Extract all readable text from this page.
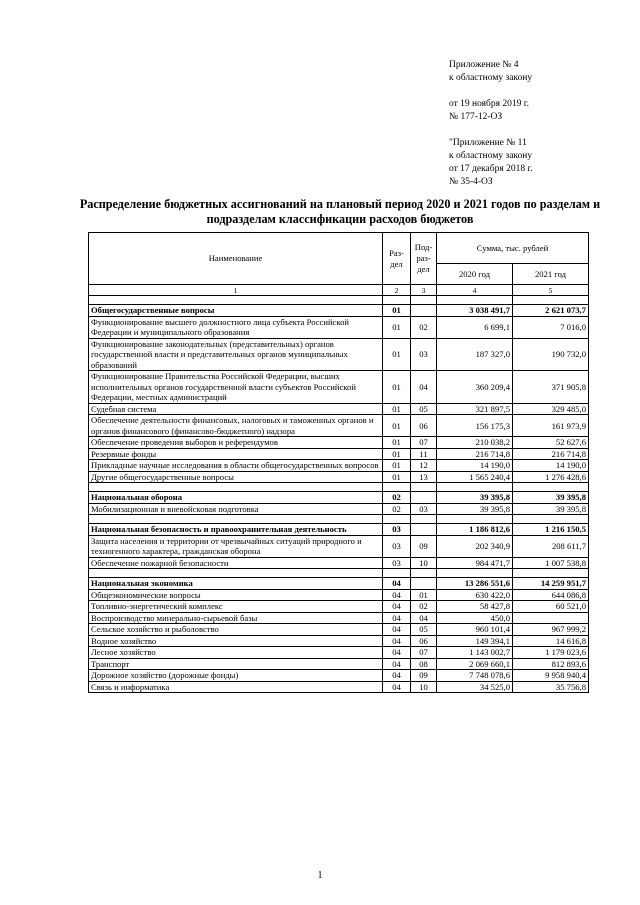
Приложение № 4
к областному закону
от 19 ноября 2019 г.
№ 177-12-ОЗ
"Приложение № 11
к областному закону
от 17 декабря 2018 г.
№ 35-4-ОЗ
Распределение бюджетных ассигнований на плановый период 2020 и 2021 годов по разделам и подразделам классификации расходов бюджетов
Наименование	Раз-дел	Под-раз-дел	Сумма, тыс. рублей	
			2020 год	2021 год
1	2	3	4	5

Общегосударственные вопросы	01		3 038 491,7	2 621 073,7
Функционирование высшего должностного лица субъекта Российской Федерации и муниципального образования	01	02	6 699,1	7 016,0
Функционирование законодательных (представительных) органов государственной власти и представительных органов муниципальных образований	01	03	187 327,0	190 732,0
Функционирование Правительства Российской Федерации, высших исполнительных органов государственной власти субъектов Российской Федерации, местных администраций	01	04	360 209,4	371 905,8
Судебная система	01	05	321 897,5	329 485,0
Обеспечение деятельности финансовых, налоговых и таможенных органов и органов финансового (финансово-бюджетного) надзора	01	06	156 175,3	161 973,9
Обеспечение проведения выборов и референдумов	01	07	210 038,2	52 627,6
Резервные фонды	01	11	216 714,8	216 714,8
Прикладные научные исследования в области общегосударственных вопросов	01	12	14 190,0	14 190,0
Другие общегосударственные вопросы	01	13	1 565 240,4	1 276 428,6

Национальная оборона	02		39 395,8	39 395,8
Мобилизационная и вневойсковая подготовка	02	03	39 395,8	39 395,8

Национальная безопасность и правоохранительная деятельность	03		1 186 812,6	1 216 150,5
Защита населения и территории от чрезвычайных ситуаций природного и техногенного характера, гражданская оборона	03	09	202 340,9	208 611,7
Обеспечение пожарной безопасности	03	10	984 471,7	1 007 538,8

Национальная экономика	04		13 286 551,6	14 259 951,7
Общеэкономические вопросы	04	01	630 422,0	644 086,8
Топливно-энергетический комплекс	04	02	58 427,8	60 521,0
Воспроизводство минерально-сырьевой базы	04	04	450,0	
Сельское хозяйство и рыболовство	04	05	960 101,4	967 999,2
Водное хозяйство	04	06	149 394,1	14 616,8
Лесное хозяйство	04	07	1 143 002,7	1 179 023,6
Транспорт	04	08	2 069 660,1	812 893,6
Дорожное хозяйство (дорожные фонды)	04	09	7 748 078,6	9 958 940,4
Связь и информатика	04	10	34 525,0	35 756,8
1
